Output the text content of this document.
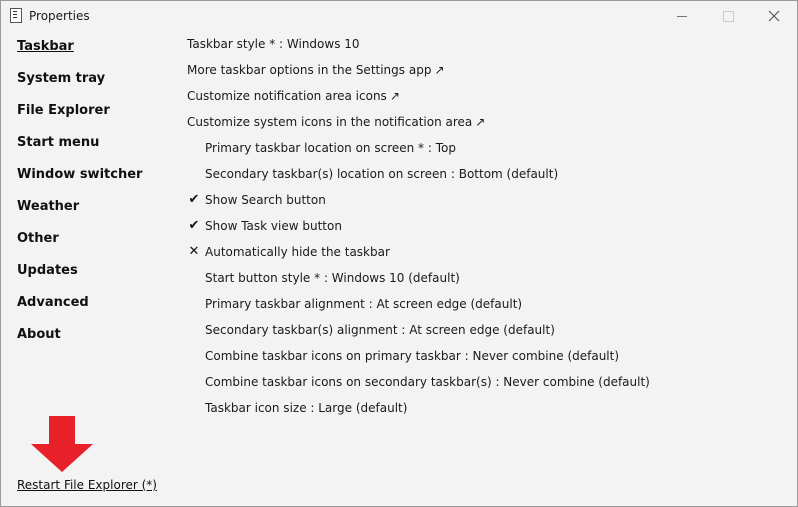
Properties
Taskbar
System tray
File Explorer
Start menu
Window switcher
Weather
Other
Updates
Advanced
About
Taskbar style * : Windows 10
More taskbar options in the Settings app ↗
Customize notification area icons ↗
Customize system icons in the notification area ↗
Primary taskbar location on screen * : Top
Secondary taskbar(s) location on screen : Bottom (default)
✔ Show Search button
✔ Show Task view button
✕ Automatically hide the taskbar
Start button style * : Windows 10 (default)
Primary taskbar alignment : At screen edge (default)
Secondary taskbar(s) alignment : At screen edge (default)
Combine taskbar icons on primary taskbar : Never combine (default)
Combine taskbar icons on secondary taskbar(s) : Never combine (default)
Taskbar icon size : Large (default)
Restart File Explorer (*)
